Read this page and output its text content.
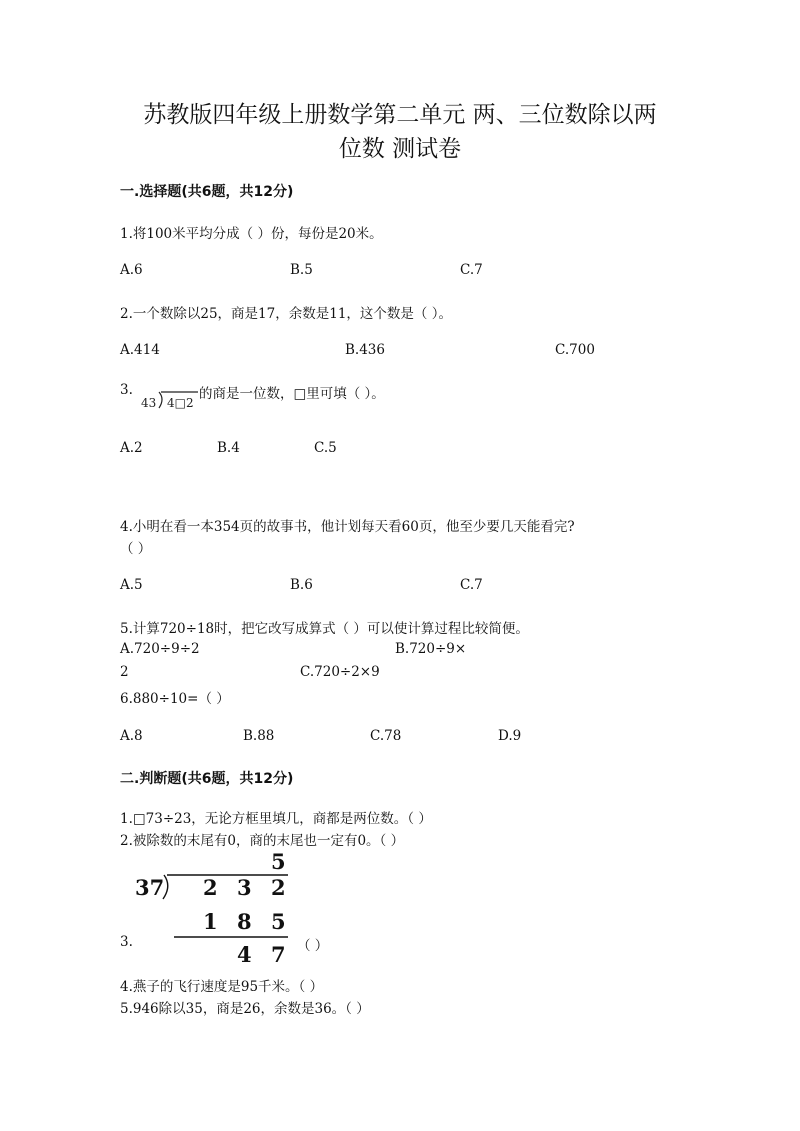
苏教版四年级上册数学第二单元 两、三位数除以两
位数 测试卷
一.选择题(共6题，共12分)
1.将100米平均分成（ ）份，每份是20米。
A.6	B.5	C.7
2.一个数除以25，商是17，余数是11，这个数是（ ）。
A.414	B.436	C.700
3.
43 4□2
的商是一位数，□里可填（ ）。
A.2	B.4	C.5
4.小明在看一本354页的故事书，他计划每天看60页，他至少要几天能看完?
（ ）
A.5	B.6	C.7
5.计算720÷18时，把它改写成算式（ ）可以使计算过程比较简便。
A.720÷9÷2	B.720÷9×
2	C.720÷2×9
6.880÷10=（ ）
A.8	B.88	C.78	D.9
二.判断题(共6题，共12分)
1.□73÷23，无论方框里填几，商都是两位数。（ ）
2.被除数的末尾有0，商的末尾也一定有0。（ ）
5
37 2 3 2
1 8 5
4 7
3.	（ ）
4.燕子的飞行速度是95千米。（ ）
5.946除以35，商是26，余数是36。（ ）
